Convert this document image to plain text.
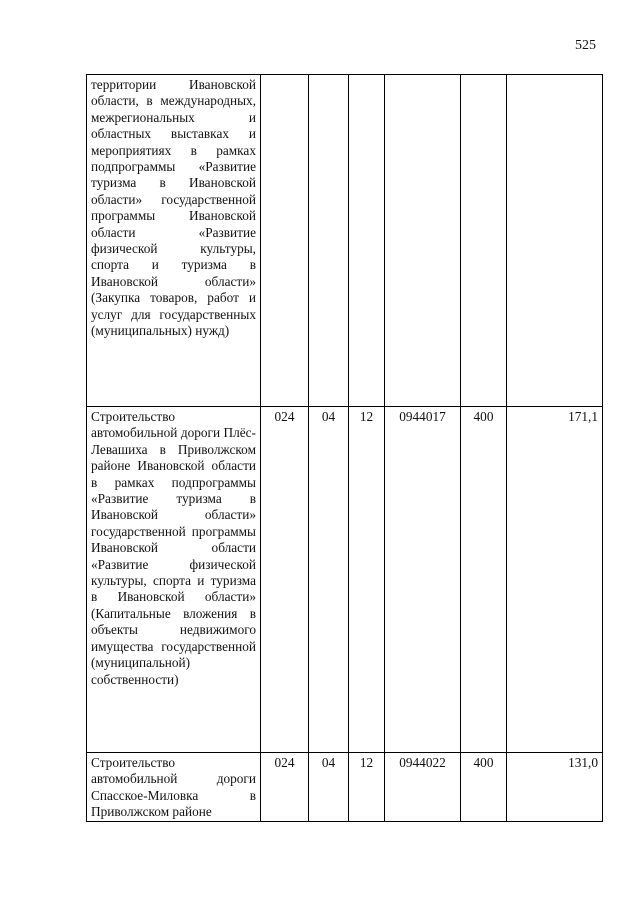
525
территории Ивановской области, в международных, межрегиональных и областных выставках и мероприятиях в рамках подпрограммы «Развитие туризма в Ивановской области» государственной программы Ивановской области «Развитие физической культуры, спорта и туризма в Ивановской области» (Закупка товаров, работ и услуг для государственных (муниципальных) нужд)						
Строительство автомобильной дороги Плёс-Левашиха в Приволжском районе Ивановской области в рамках подпрограммы «Развитие туризма в Ивановской области» государственной программы Ивановской области «Развитие физической культуры, спорта и туризма в Ивановской области» (Капитальные вложения в объекты недвижимого имущества государственной (муниципальной) собственности)	024	04	12	0944017	400	171,1
Строительство автомобильной дороги Спасское-Миловка в Приволжском районе	024	04	12	0944022	400	131,0
